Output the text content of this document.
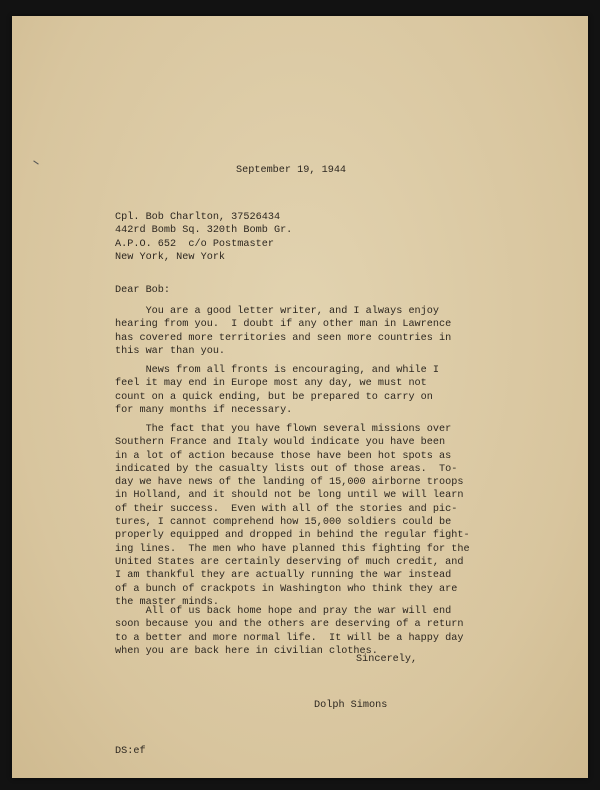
September 19, 1944

Cpl. Bob Charlton, 37526434
442rd Bomb Sq. 320th Bomb Gr.
A.P.O. 652  c/o Postmaster
New York, New York

Dear Bob:

You are a good letter writer, and I always enjoy
hearing from you.  I doubt if any other man in Lawrence
has covered more territories and seen more countries in
this war than you.
News from all fronts is encouraging, and while I
feel it may end in Europe most any day, we must not
count on a quick ending, but be prepared to carry on
for many months if necessary.
The fact that you have flown several missions over
Southern France and Italy would indicate you have been
in a lot of action because those have been hot spots as
indicated by the casualty lists out of those areas.  To-
day we have news of the landing of 15,000 airborne troops
in Holland, and it should not be long until we will learn
of their success.  Even with all of the stories and pic-
tures, I cannot comprehend how 15,000 soldiers could be
properly equipped and dropped in behind the regular fight-
ing lines.  The men who have planned this fighting for the
United States are certainly deserving of much credit, and
I am thankful they are actually running the war instead
of a bunch of crackpots in Washington who think they are
the master minds.
All of us back home hope and pray the war will end
soon because you and the others are deserving of a return
to a better and more normal life.  It will be a happy day
when you are back here in civilian clothes.

Sincerely,

Dolph Simons

DS:ef
